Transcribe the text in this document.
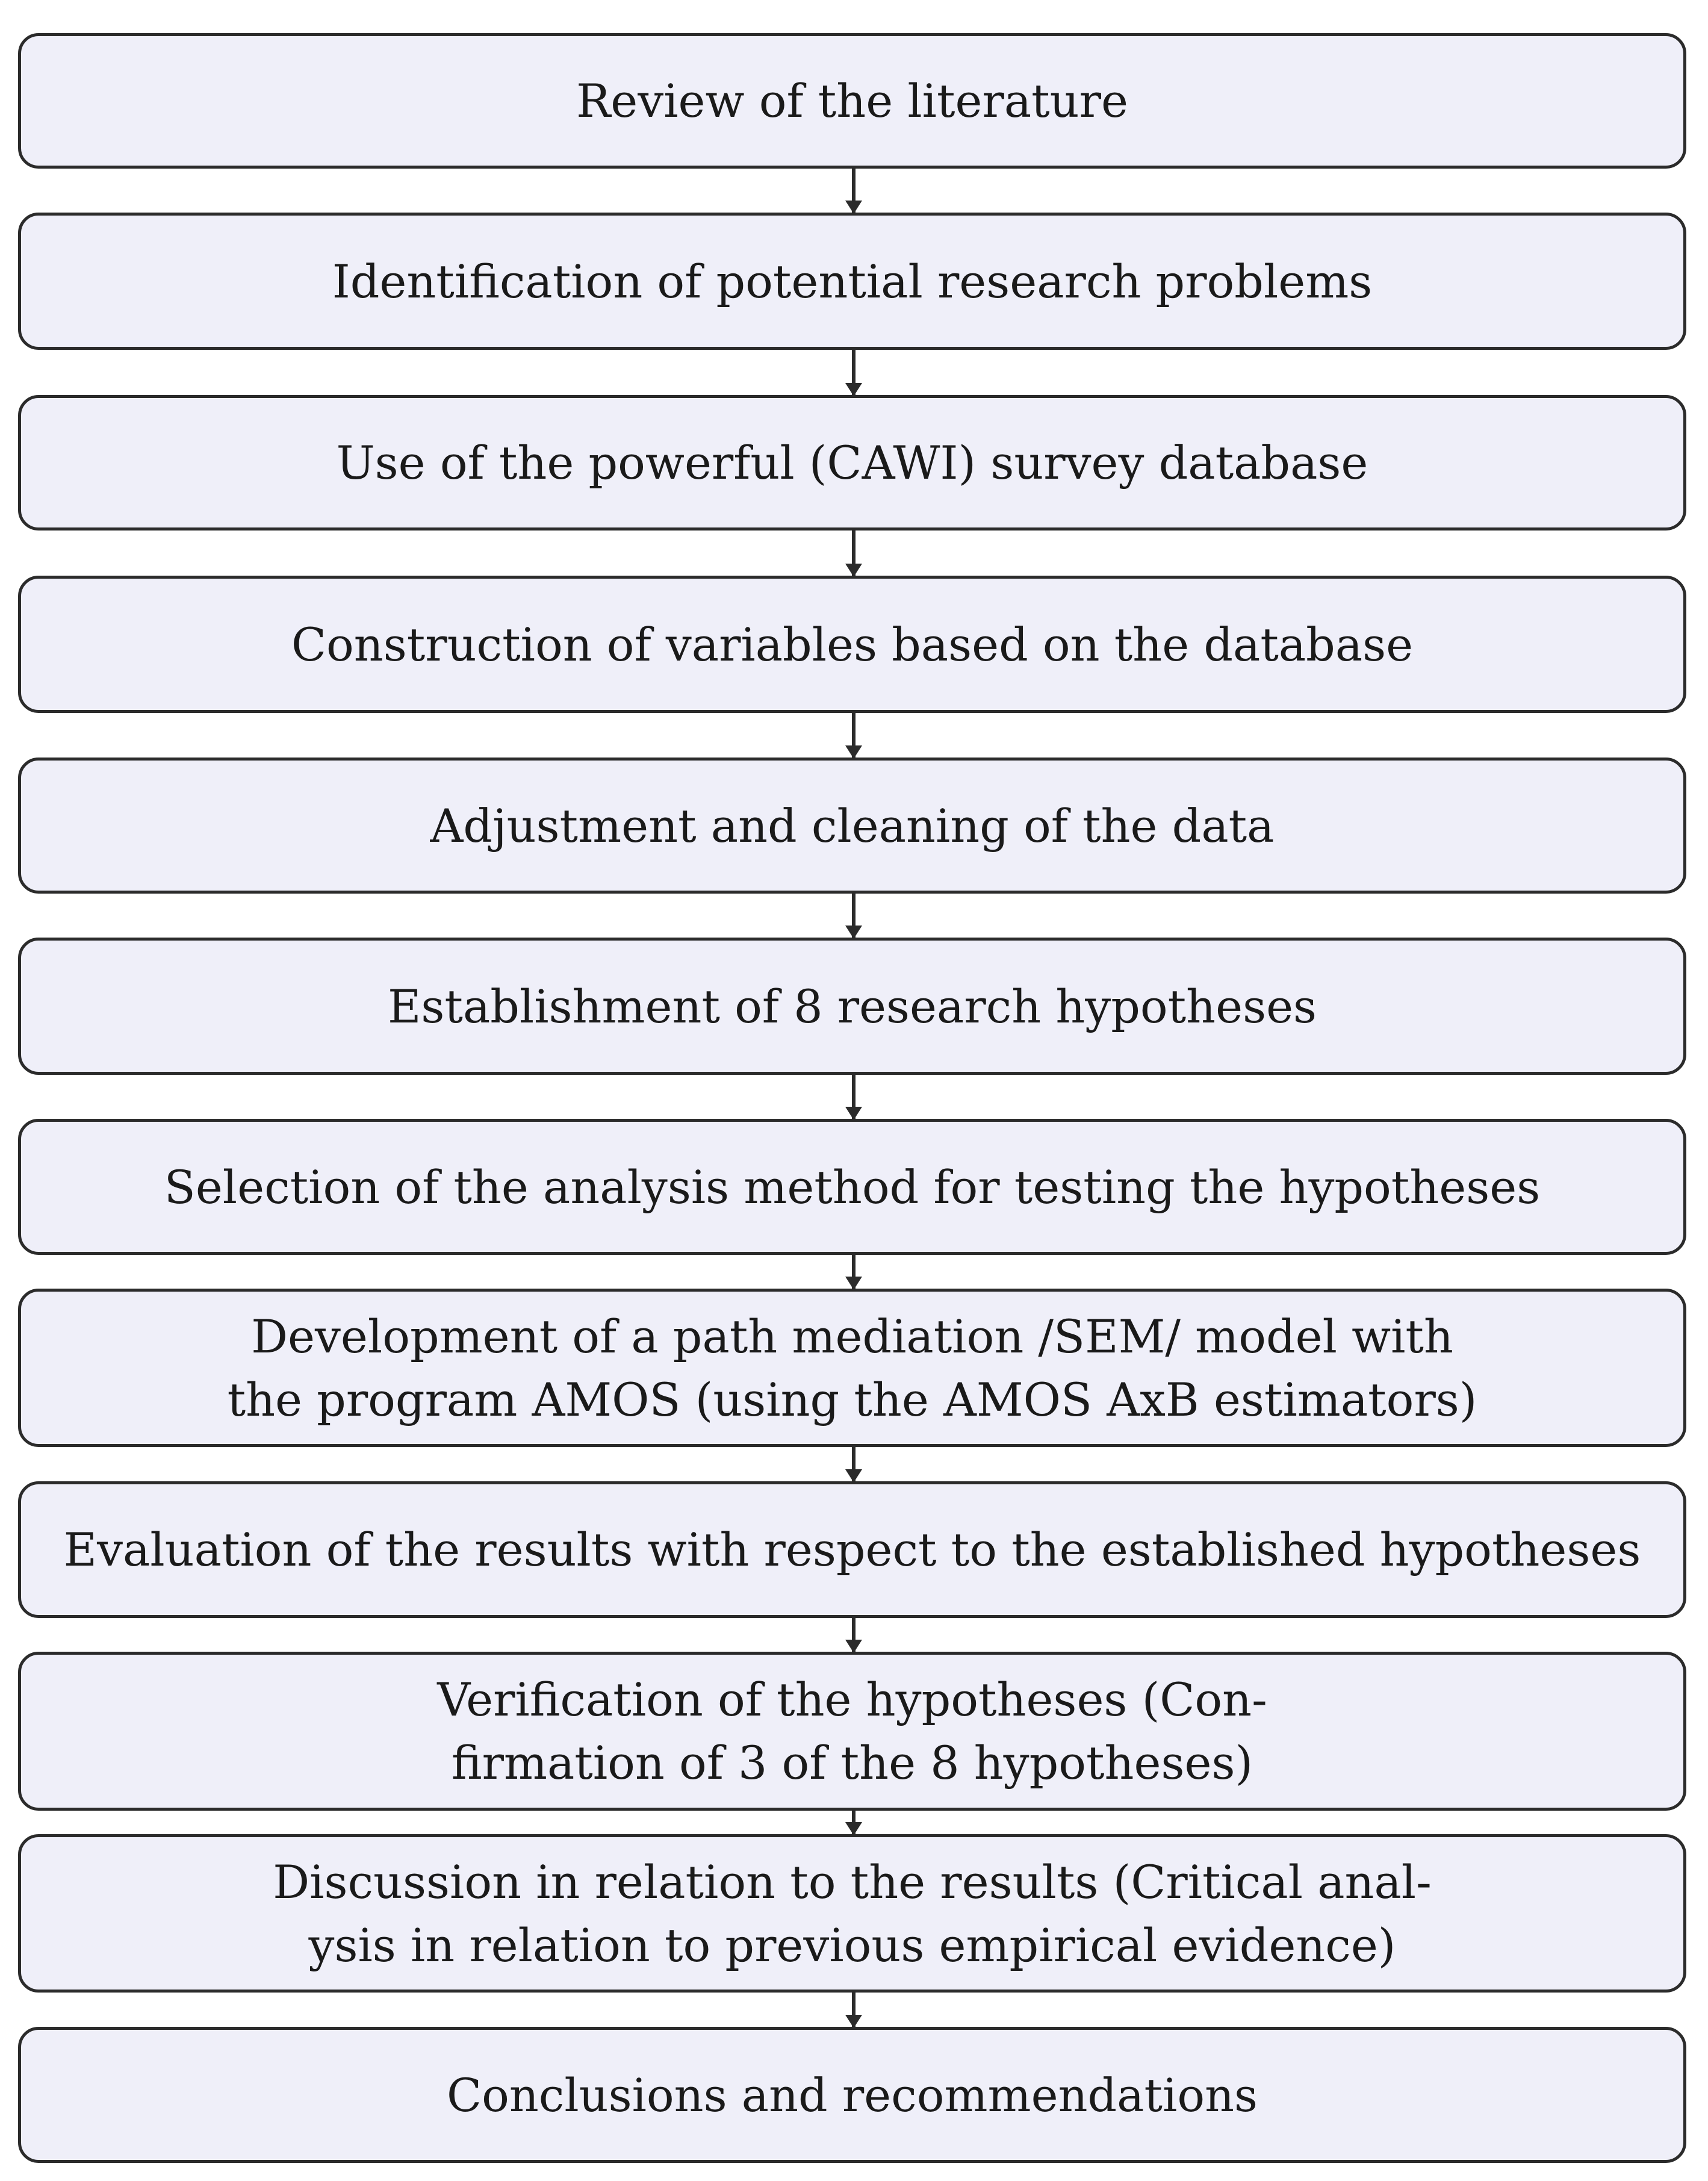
Review of the literature
Identification of potential research problems
Use of the powerful (CAWI) survey database
Construction of variables based on the database
Adjustment and cleaning of the data
Establishment of 8 research hypotheses
Selection of the analysis method for testing the hypotheses
Development of a path mediation /SEM/ model with
the program AMOS (using the AMOS AxB estimators)
Evaluation of the results with respect to the established hypotheses
Verification of the hypotheses (Con-
firmation of 3 of the 8 hypotheses)
Discussion in relation to the results (Critical anal-
ysis in relation to previous empirical evidence)
Conclusions and recommendations
